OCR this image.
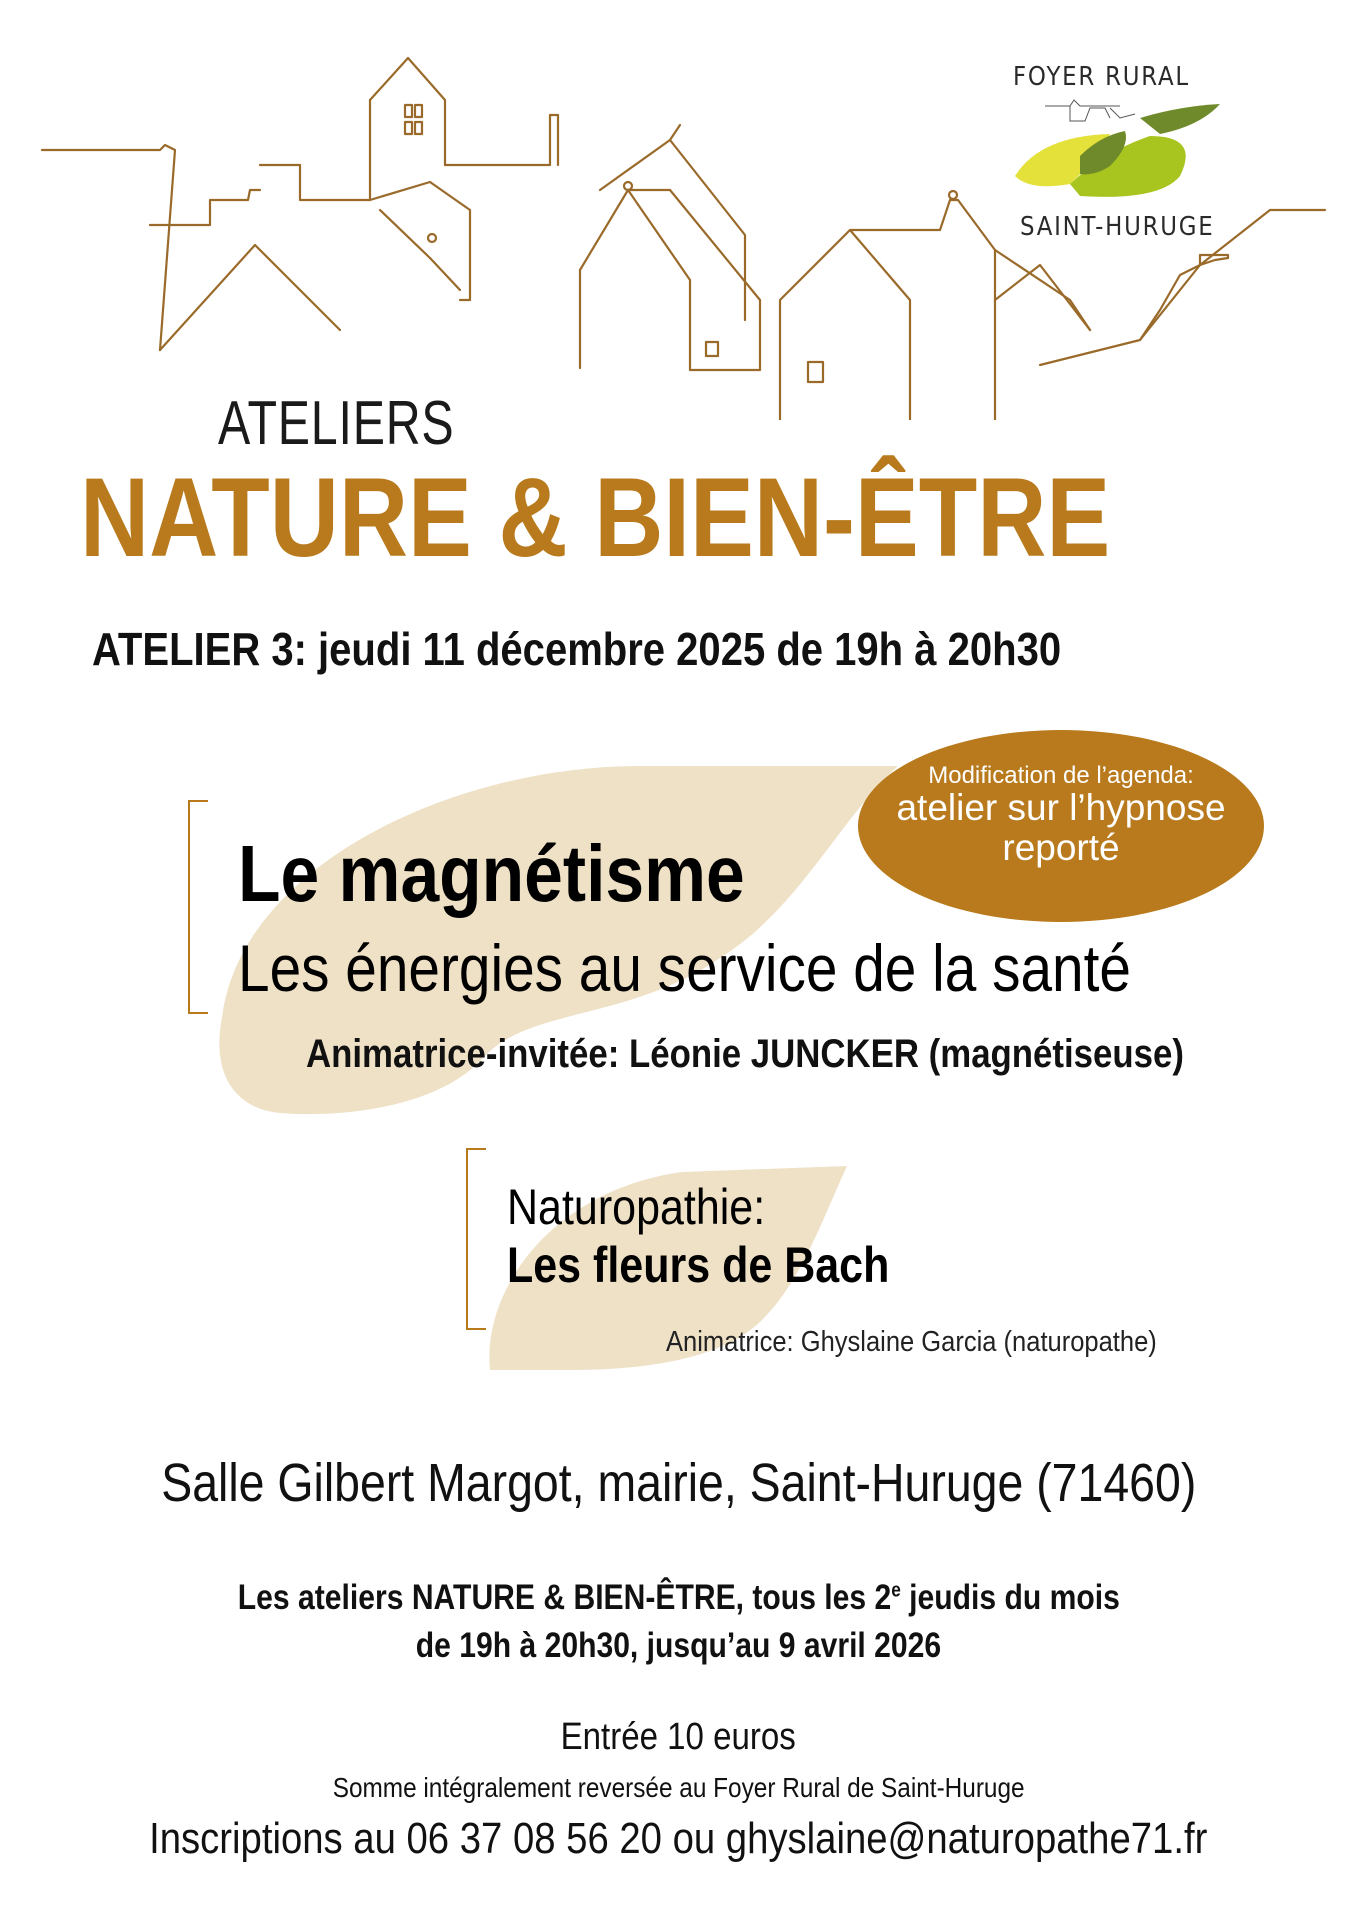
FOYER RURAL
SAINT-HURUGE
ATELIERS
NATURE & BIEN-ÊTRE
ATELIER 3: jeudi 11 décembre 2025 de 19h à 20h30
Modification de l’agenda:
atelier sur l’hypnose
reporté
Le magnétisme
Les énergies au service de la santé
Animatrice-invitée: Léonie JUNCKER (magnétiseuse)
Naturopathie:
Les fleurs de Bach
Animatrice: Ghyslaine Garcia (naturopathe)
Salle Gilbert Margot, mairie, Saint-Huruge (71460)
Les ateliers NATURE & BIEN-ÊTRE, tous les 2e jeudis du mois
de 19h à 20h30, jusqu’au 9 avril 2026
Entrée 10 euros
Somme intégralement reversée au Foyer Rural de Saint-Huruge
Inscriptions au 06 37 08 56 20 ou ghyslaine@naturopathe71.fr
